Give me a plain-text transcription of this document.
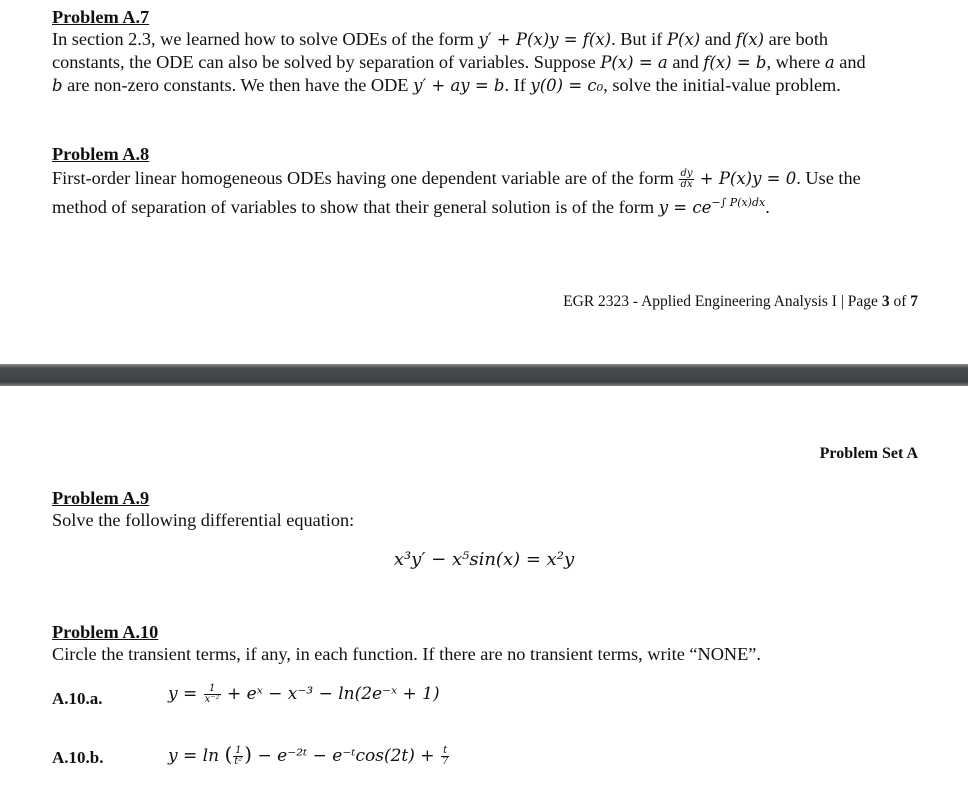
Problem A.7
In section 2.3, we learned how to solve ODEs of the form y′ + P(x)y = f(x). But if P(x) and f(x) are both
constants, the ODE can also be solved by separation of variables. Suppose P(x) = a and f(x) = b, where a and
b are non-zero constants. We then have the ODE y′ + ay = b. If y(0) = c₀, solve the initial-value problem.
Problem A.8
First-order linear homogeneous ODEs having one dependent variable are of the form $\frac{dy}{dx} + P(x)y = 0$. Use the
method of separation of variables to show that their general solution is of the form $y = ce^{-\int P(x)dx}$.
EGR 2323 - Applied Engineering Analysis I | Page 3 of 7
Problem Set A
Problem A.9
Solve the following differential equation:
x³y′ − x⁵sin(x) = x²y
Problem A.10
Circle the transient terms, if any, in each function. If there are no transient terms, write “NONE”.
A.10.a.	$y = \frac{1}{\text{x⁻²}}$ + eˣ − x⁻³ − ln(2e⁻ˣ + 1)
A.10.b.	y = ln ( $\frac{1}{\text{t²}}$ ) − e⁻²ᵗ − e⁻ᵗcos(2t) + $\frac{t}{7}$
